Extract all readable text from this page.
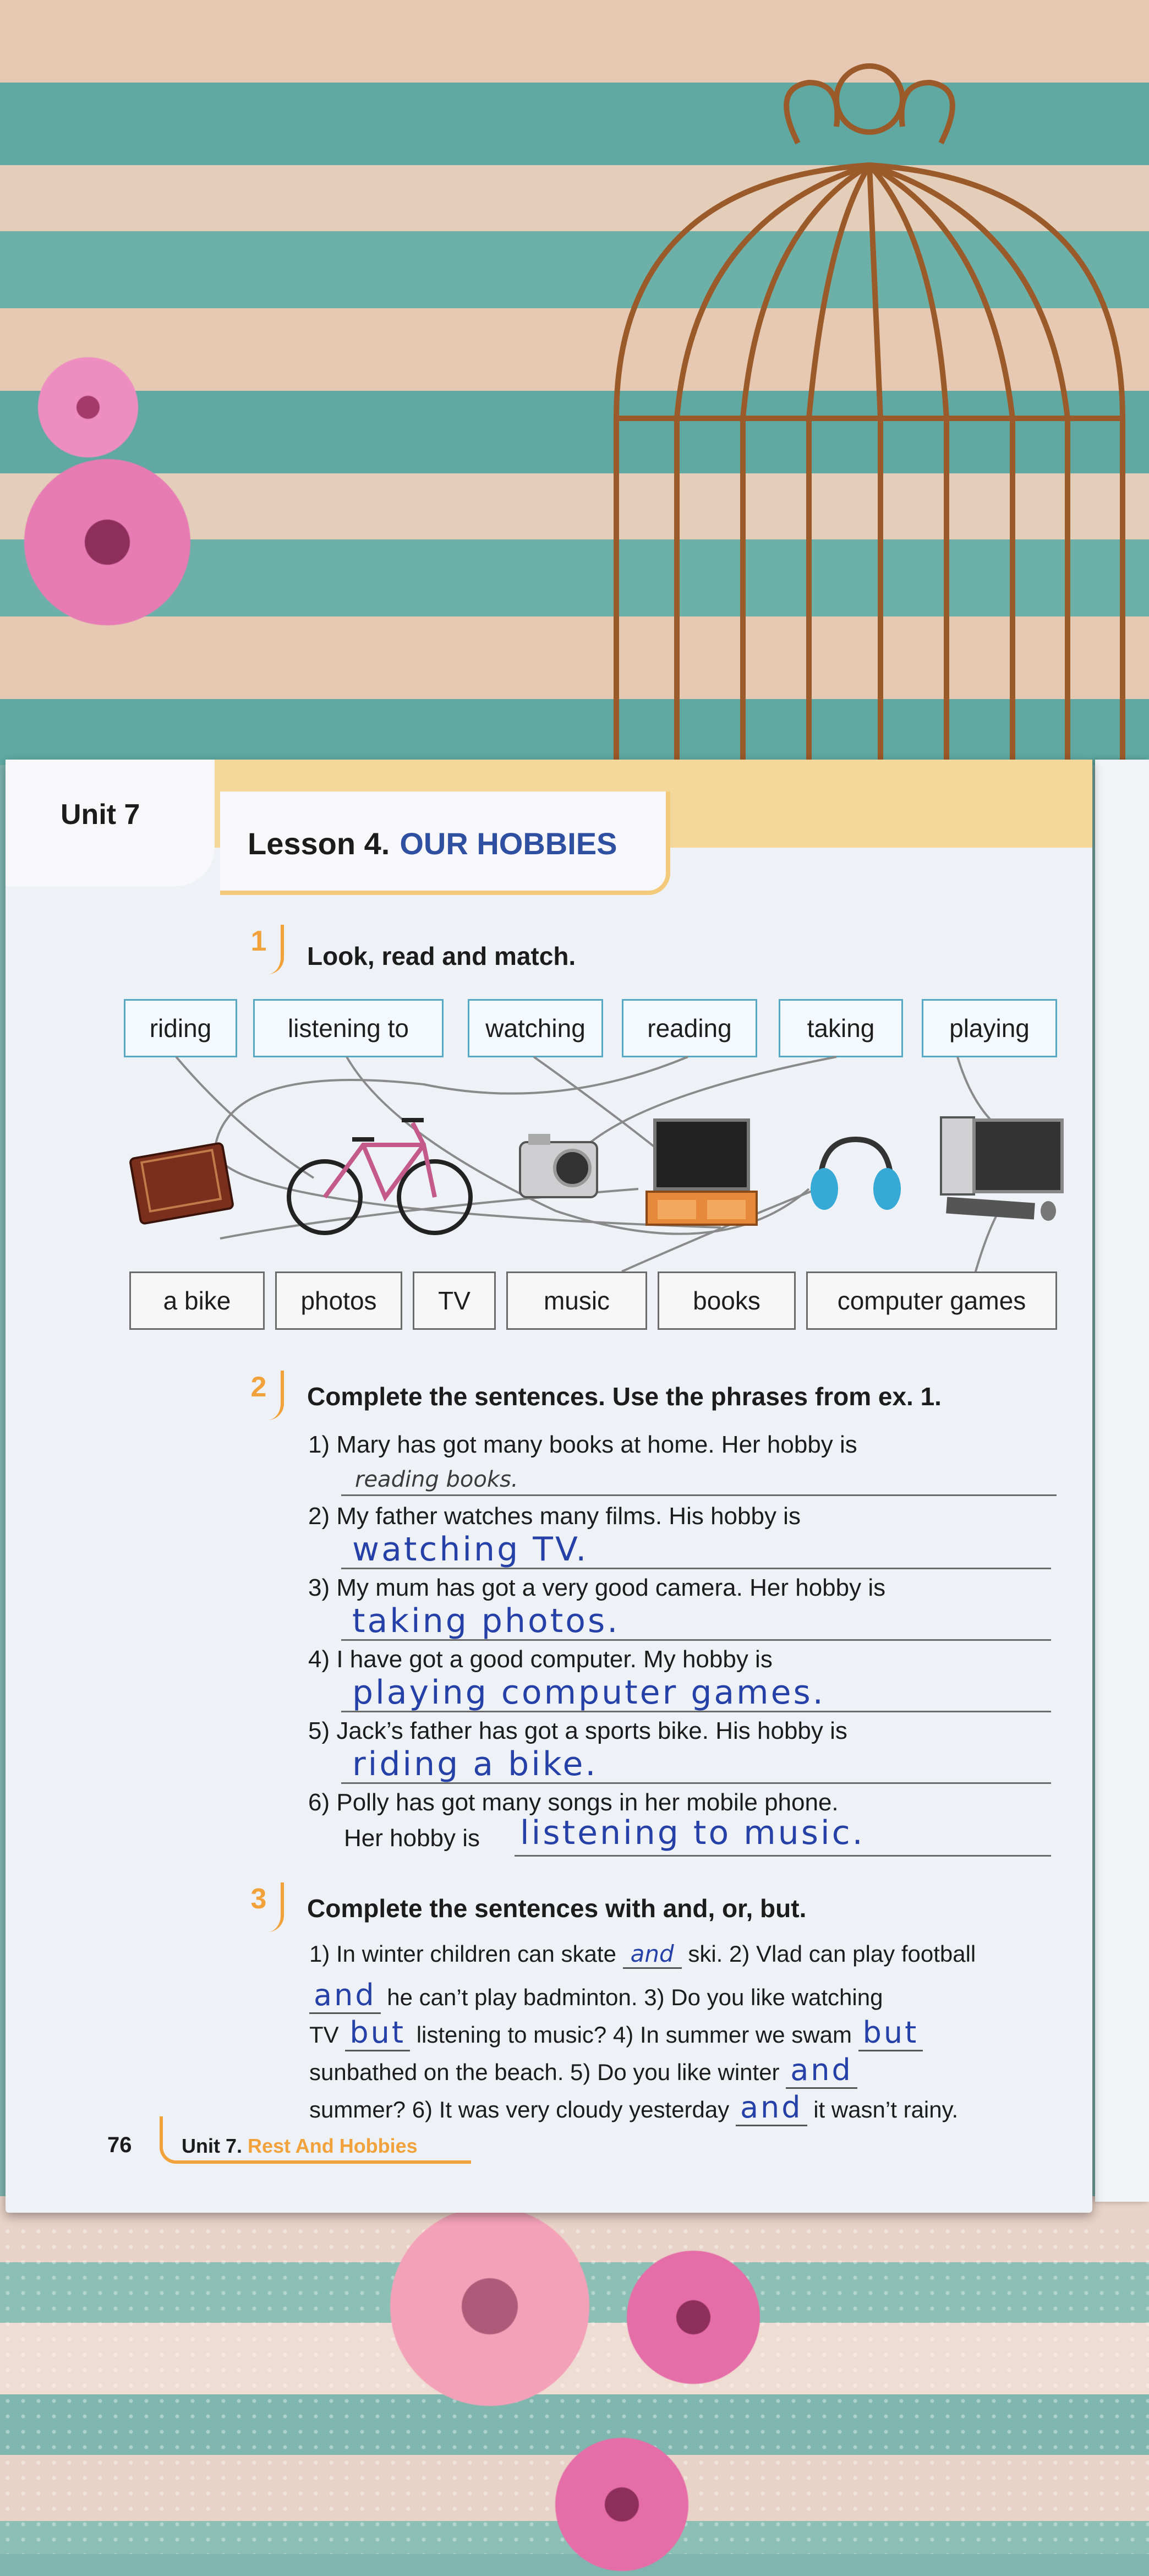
Unit 7
Lesson 4. OUR HOBBIES
1	Look, read and match.
riding	listening to	watching	reading	taking	playing
a bike	photos	TV	music	books	computer games
2	Complete the sentences. Use the phrases from ex. 1.
1) Mary has got many books at home. Her hobby is
reading books.
2) My father watches many films. His hobby is
watching TV.
3) My mum has got a very good camera. Her hobby is
taking photos.
4) I have got a good computer. My hobby is
playing computer games.
5) Jack’s father has got a sports bike. His hobby is
riding a bike.
6) Polly has got many songs in her mobile phone.
Her hobby is listening to music.
3	Complete the sentences with and, or, but.
1) In winter children can skate and ski. 2) Vlad can play football
and he can’t play badminton. 3) Do you like watching
TV but listening to music? 4) In summer we swam but
sunbathed on the beach. 5) Do you like winter and
summer? 6) It was very cloudy yesterday and it wasn’t rainy.
76	Unit 7. Rest And Hobbies
